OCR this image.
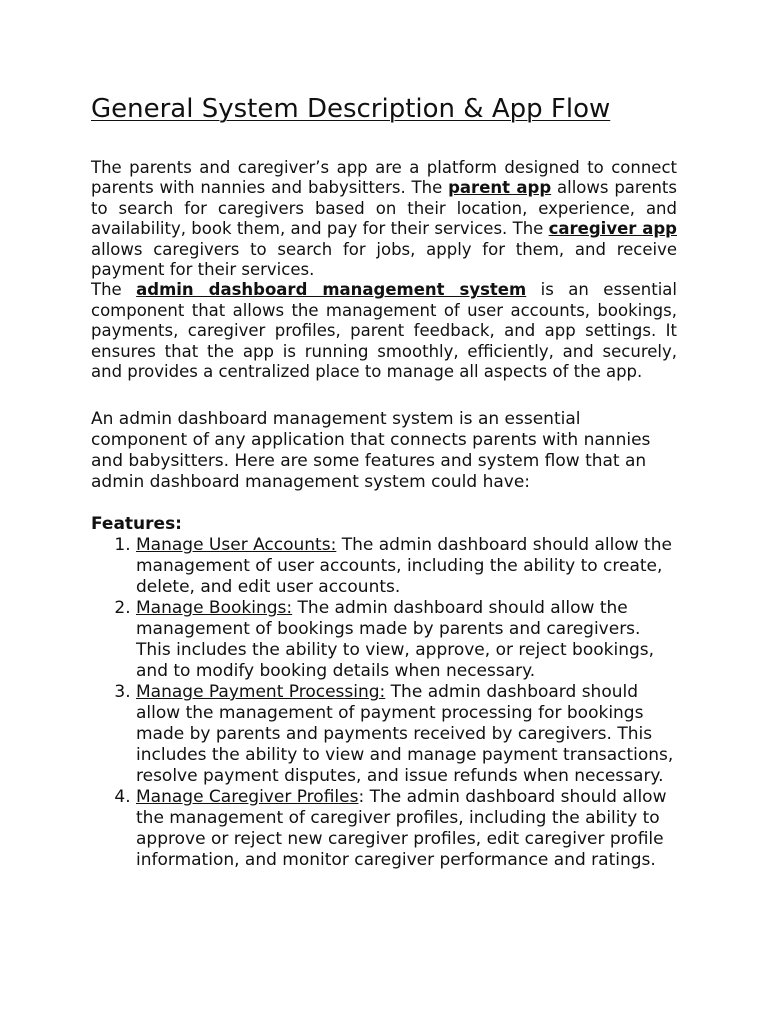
General System Description & App Flow

The parents and caregiver’s app are a platform designed to connect parents with nannies and babysitters. The parent app allows parents to search for caregivers based on their location, experience, and availability, book them, and pay for their services. The caregiver app allows caregivers to search for jobs, apply for them, and receive payment for their services.

The admin dashboard management system is an essential component that allows the management of user accounts, bookings, payments, caregiver profiles, parent feedback, and app settings. It ensures that the app is running smoothly, efficiently, and securely, and provides a centralized place to manage all aspects of the app.

An admin dashboard management system is an essential component of any application that connects parents with nannies and babysitters. Here are some features and system flow that an admin dashboard management system could have:

Features:

1. Manage User Accounts: The admin dashboard should allow the management of user accounts, including the ability to create, delete, and edit user accounts.
2. Manage Bookings: The admin dashboard should allow the management of bookings made by parents and caregivers. This includes the ability to view, approve, or reject bookings, and to modify booking details when necessary.
3. Manage Payment Processing: The admin dashboard should allow the management of payment processing for bookings made by parents and payments received by caregivers. This includes the ability to view and manage payment transactions, resolve payment disputes, and issue refunds when necessary.
4. Manage Caregiver Profiles: The admin dashboard should allow the management of caregiver profiles, including the ability to approve or reject new caregiver profiles, edit caregiver profile information, and monitor caregiver performance and ratings.
